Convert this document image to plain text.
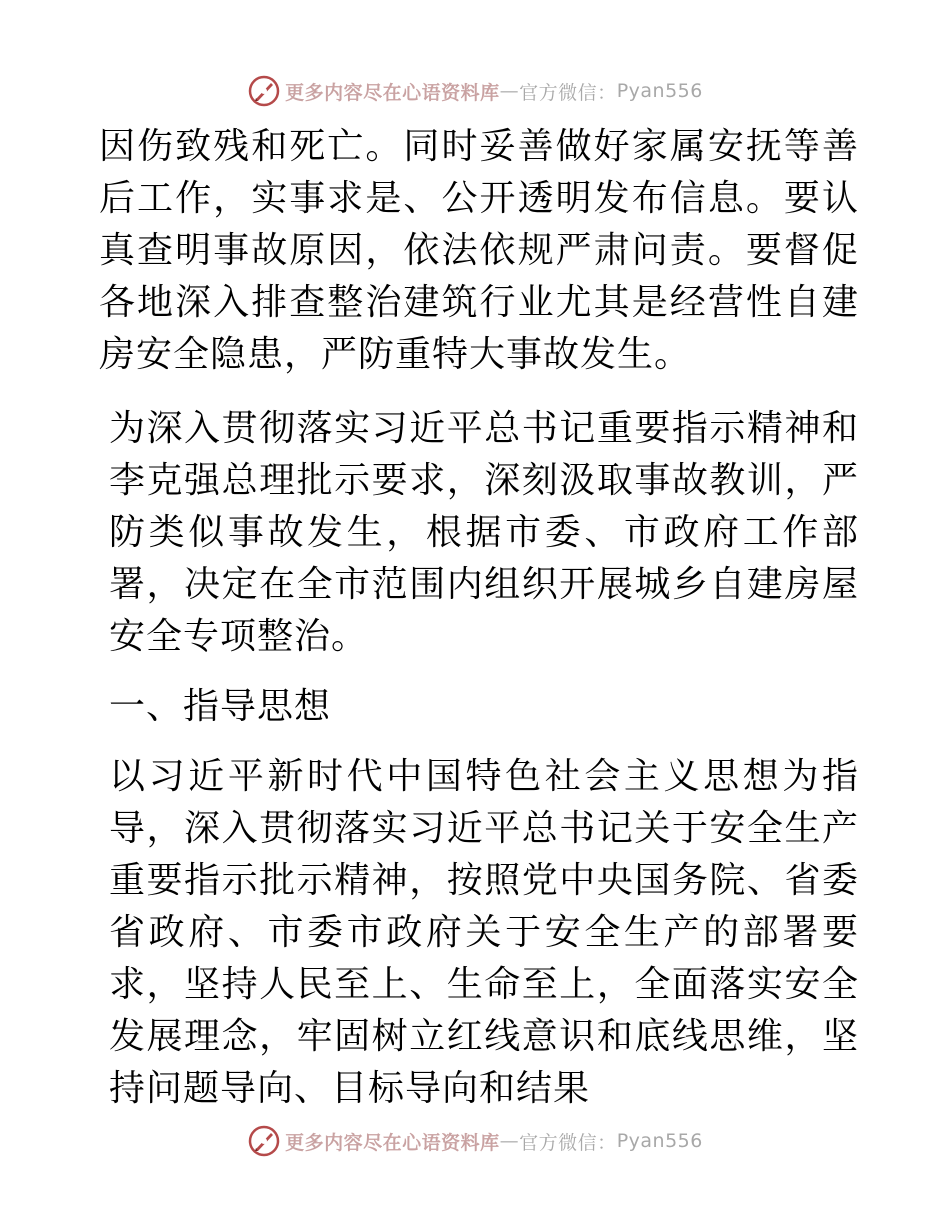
更多内容尽在心语资料库 — 官方微信： Pyan556

因伤致残和死亡。同时妥善做好家属安抚等善后工作，实事求是、公开透明发布信息。要认真查明事故原因，依法依规严肃问责。要督促各地深入排查整治建筑行业尤其是经营性自建房安全隐患，严防重特大事故发生。

为深入贯彻落实习近平总书记重要指示精神和李克强总理批示要求，深刻汲取事故教训，严防类似事故发生，根据市委、市政府工作部署，决定在全市范围内组织开展城乡自建房屋安全专项整治。

一、指导思想

以习近平新时代中国特色社会主义思想为指导，深入贯彻落实习近平总书记关于安全生产重要指示批示精神，按照党中央国务院、省委省政府、市委市政府关于安全生产的部署要求，坚持人民至上、生命至上，全面落实安全发展理念，牢固树立红线意识和底线思维，坚持问题导向、目标导向和结果

更多内容尽在心语资料库 — 官方微信： Pyan556
